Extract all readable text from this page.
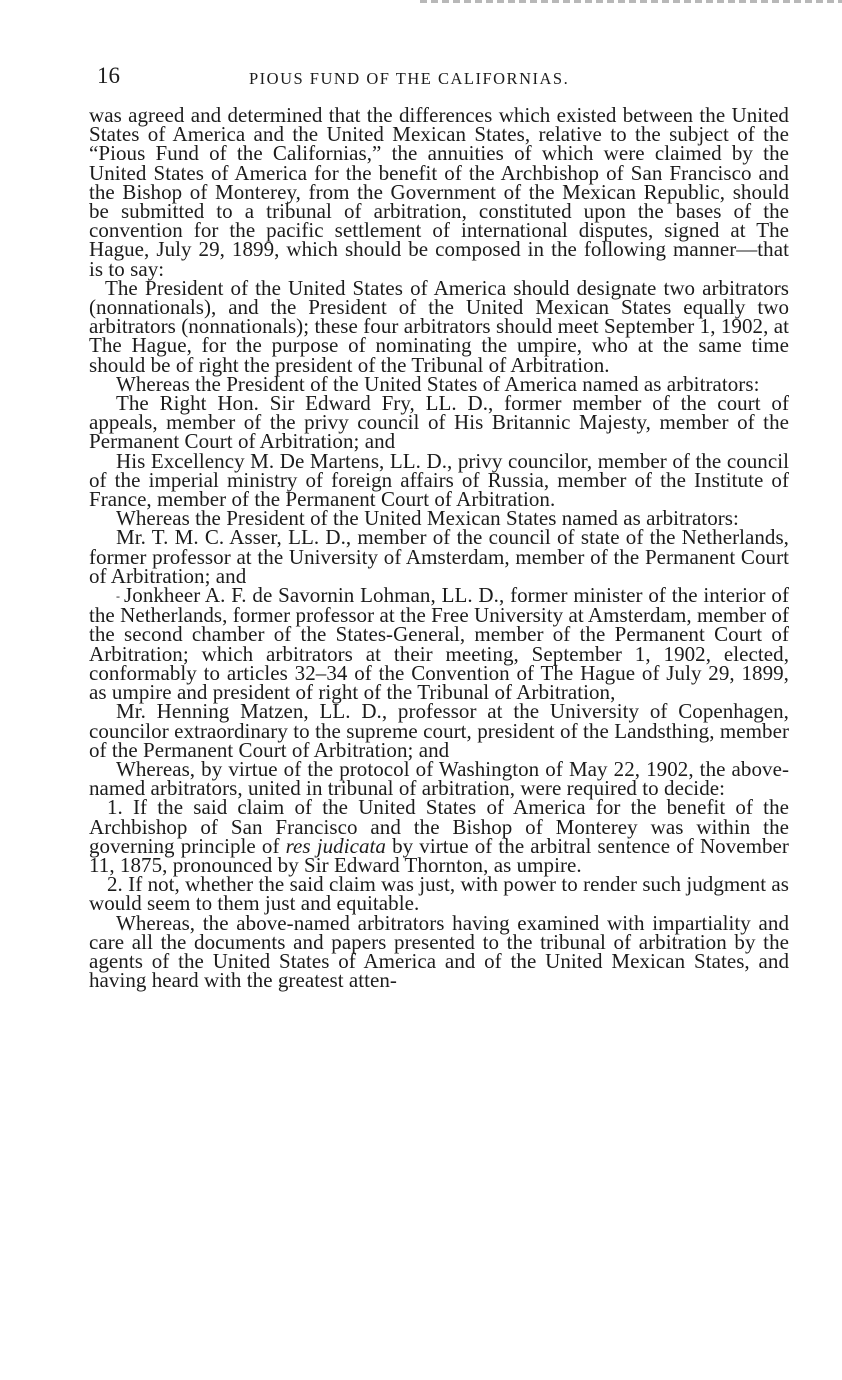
16	PIOUS FUND OF THE CALIFORNIAS.

was agreed and determined that the differences which existed between the United States of America and the United Mexican States, relative to the subject of the “Pious Fund of the Californias,” the annuities of which were claimed by the United States of America for the benefit of the Archbishop of San Francisco and the Bishop of Monterey, from the Government of the Mexican Republic, should be submitted to a tribunal of arbitration, constituted upon the bases of the convention for the pacific settlement of international disputes, signed at The Hague, July 29, 1899, which should be composed in the following manner—that is to say:

The President of the United States of America should designate two arbitrators (nonnationals), and the President of the United Mexican States equally two arbitrators (nonnationals); these four arbitrators should meet September 1, 1902, at The Hague, for the purpose of nominating the umpire, who at the same time should be of right the president of the Tribunal of Arbitration.

Whereas the President of the United States of America named as arbitrators:

The Right Hon. Sir Edward Fry, LL. D., former member of the court of appeals, member of the privy council of His Britannic Majesty, member of the Permanent Court of Arbitration; and

His Excellency M. De Martens, LL. D., privy councilor, member of the council of the imperial ministry of foreign affairs of Russia, member of the Institute of France, member of the Permanent Court of Arbitration.

Whereas the President of the United Mexican States named as arbitrators:

Mr. T. M. C. Asser, LL. D., member of the council of state of the Netherlands, former professor at the University of Amsterdam, member of the Permanent Court of Arbitration; and

- Jonkheer A. F. de Savornin Lohman, LL. D., former minister of the interior of the Netherlands, former professor at the Free University at Amsterdam, member of the second chamber of the States-General, member of the Permanent Court of Arbitration; which arbitrators at their meeting, September 1, 1902, elected, conformably to articles 32–34 of the Convention of The Hague of July 29, 1899, as umpire and president of right of the Tribunal of Arbitration,

Mr. Henning Matzen, LL. D., professor at the University of Copenhagen, councilor extraordinary to the supreme court, president of the Landsthing, member of the Permanent Court of Arbitration; and

Whereas, by virtue of the protocol of Washington of May 22, 1902, the above-named arbitrators, united in tribunal of arbitration, were required to decide:

1. If the said claim of the United States of America for the benefit of the Archbishop of San Francisco and the Bishop of Monterey was within the governing principle of res judicata by virtue of the arbitral sentence of November 11, 1875, pronounced by Sir Edward Thornton, as umpire.

2. If not, whether the said claim was just, with power to render such judgment as would seem to them just and equitable.

Whereas, the above-named arbitrators having examined with impartiality and care all the documents and papers presented to the tribunal of arbitration by the agents of the United States of America and of the United Mexican States, and having heard with the greatest atten-
